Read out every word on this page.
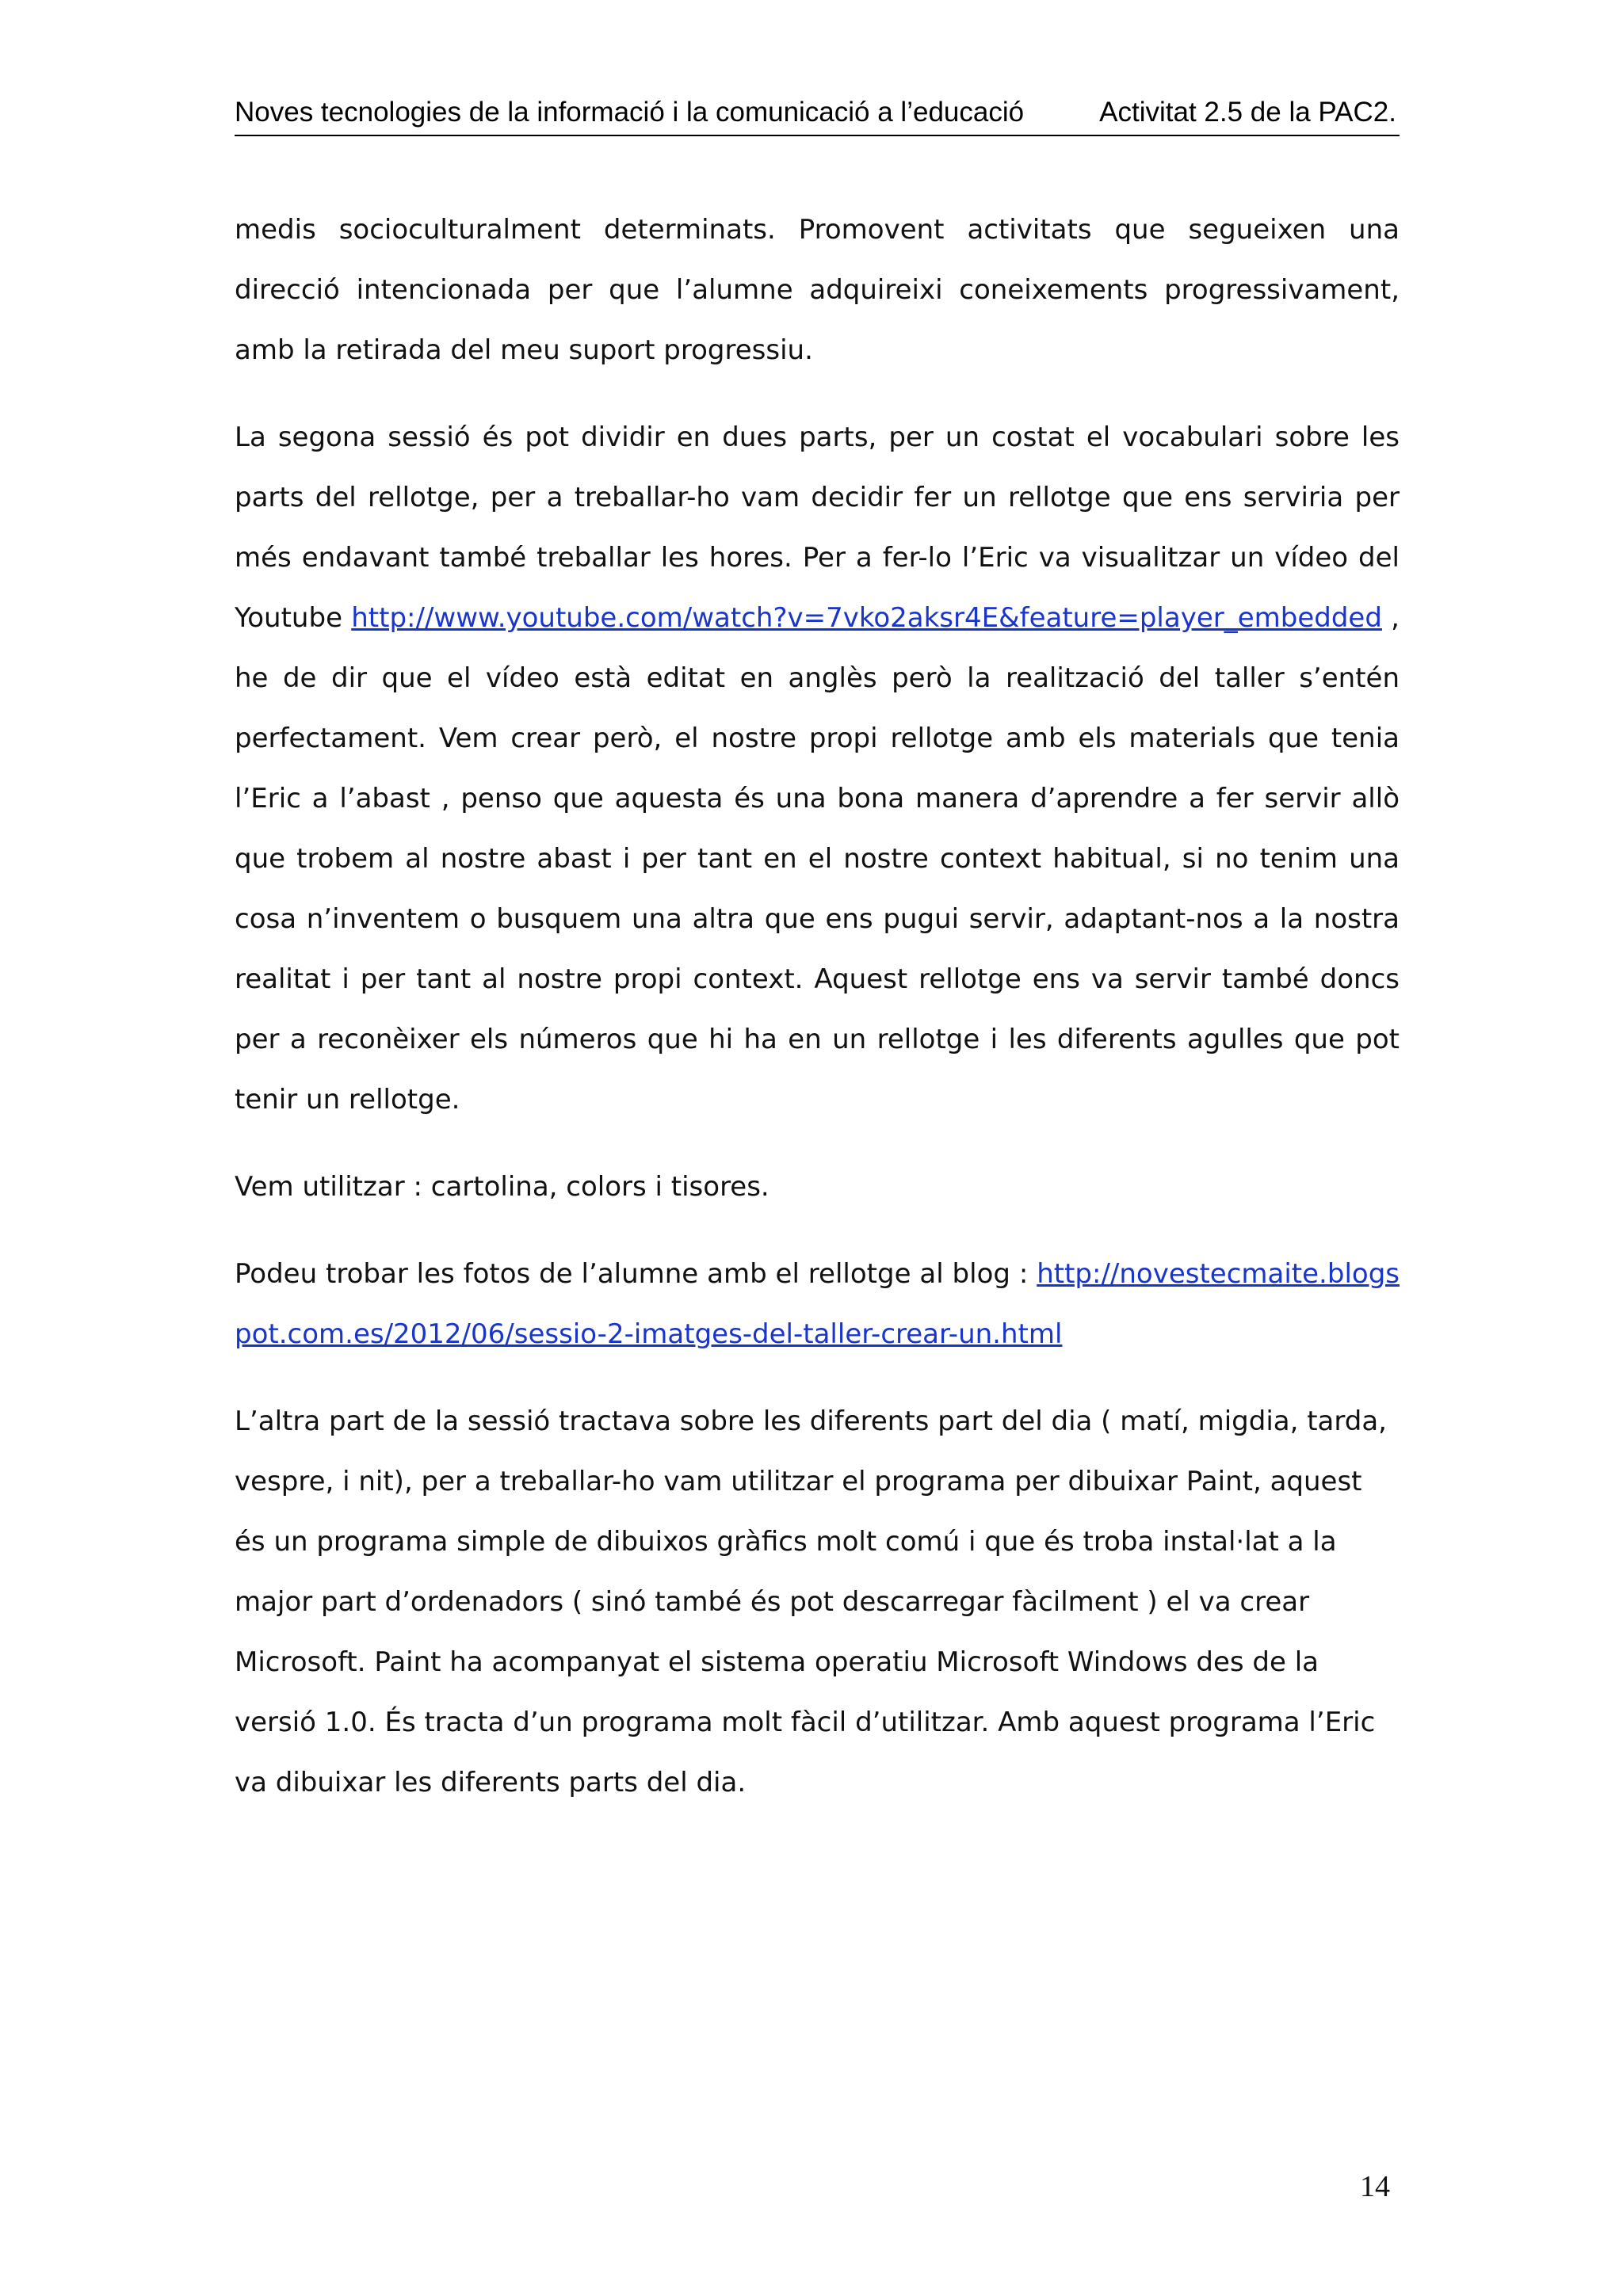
Noves tecnologies de la informació i la comunicació a l’educació	Activitat 2.5 de la PAC2.

medis socioculturalment determinats. Promovent activitats que segueixen una direcció intencionada per que l’alumne adquireixi coneixements progressivament, amb la retirada del meu suport progressiu.

La segona sessió és pot dividir en dues parts, per un costat el vocabulari sobre les parts del rellotge, per a treballar-ho vam decidir fer un rellotge que ens serviria per més endavant també treballar les hores. Per a fer-lo l’Eric va visualitzar un vídeo del Youtube http://www.youtube.com/watch?v=7vko2aksr4E&feature=player_embedded , he de dir que el vídeo està editat en anglès però la realització del taller s’entén perfectament. Vem crear però, el nostre propi rellotge amb els materials que tenia l’Eric a l’abast , penso que aquesta és una bona manera d’aprendre a fer servir allò que trobem al nostre abast i per tant en el nostre context habitual, si no tenim una cosa n’inventem o busquem una altra que ens pugui servir, adaptant-nos a la nostra realitat i per tant al nostre propi context. Aquest rellotge ens va servir també doncs per a reconèixer els números que hi ha en un rellotge i les diferents agulles que pot tenir un rellotge.

Vem utilitzar : cartolina, colors i tisores.

Podeu trobar les fotos de l’alumne amb el rellotge al blog : http://novestecmaite.blogspot.com.es/2012/06/sessio-2-imatges-del-taller-crear-un.html

L’altra part de la sessió tractava sobre les diferents part del dia ( matí, migdia, tarda, vespre, i nit), per a treballar-ho vam utilitzar el programa per dibuixar Paint, aquest és un programa simple de dibuixos gràfics molt comú i que és troba instal·lat a la major part d’ordenadors ( sinó també és pot descarregar fàcilment ) el va crear Microsoft. Paint ha acompanyat el sistema operatiu Microsoft Windows des de la versió 1.0. És tracta d’un programa molt fàcil d’utilitzar. Amb aquest programa l’Eric va dibuixar les diferents parts del dia.

14
